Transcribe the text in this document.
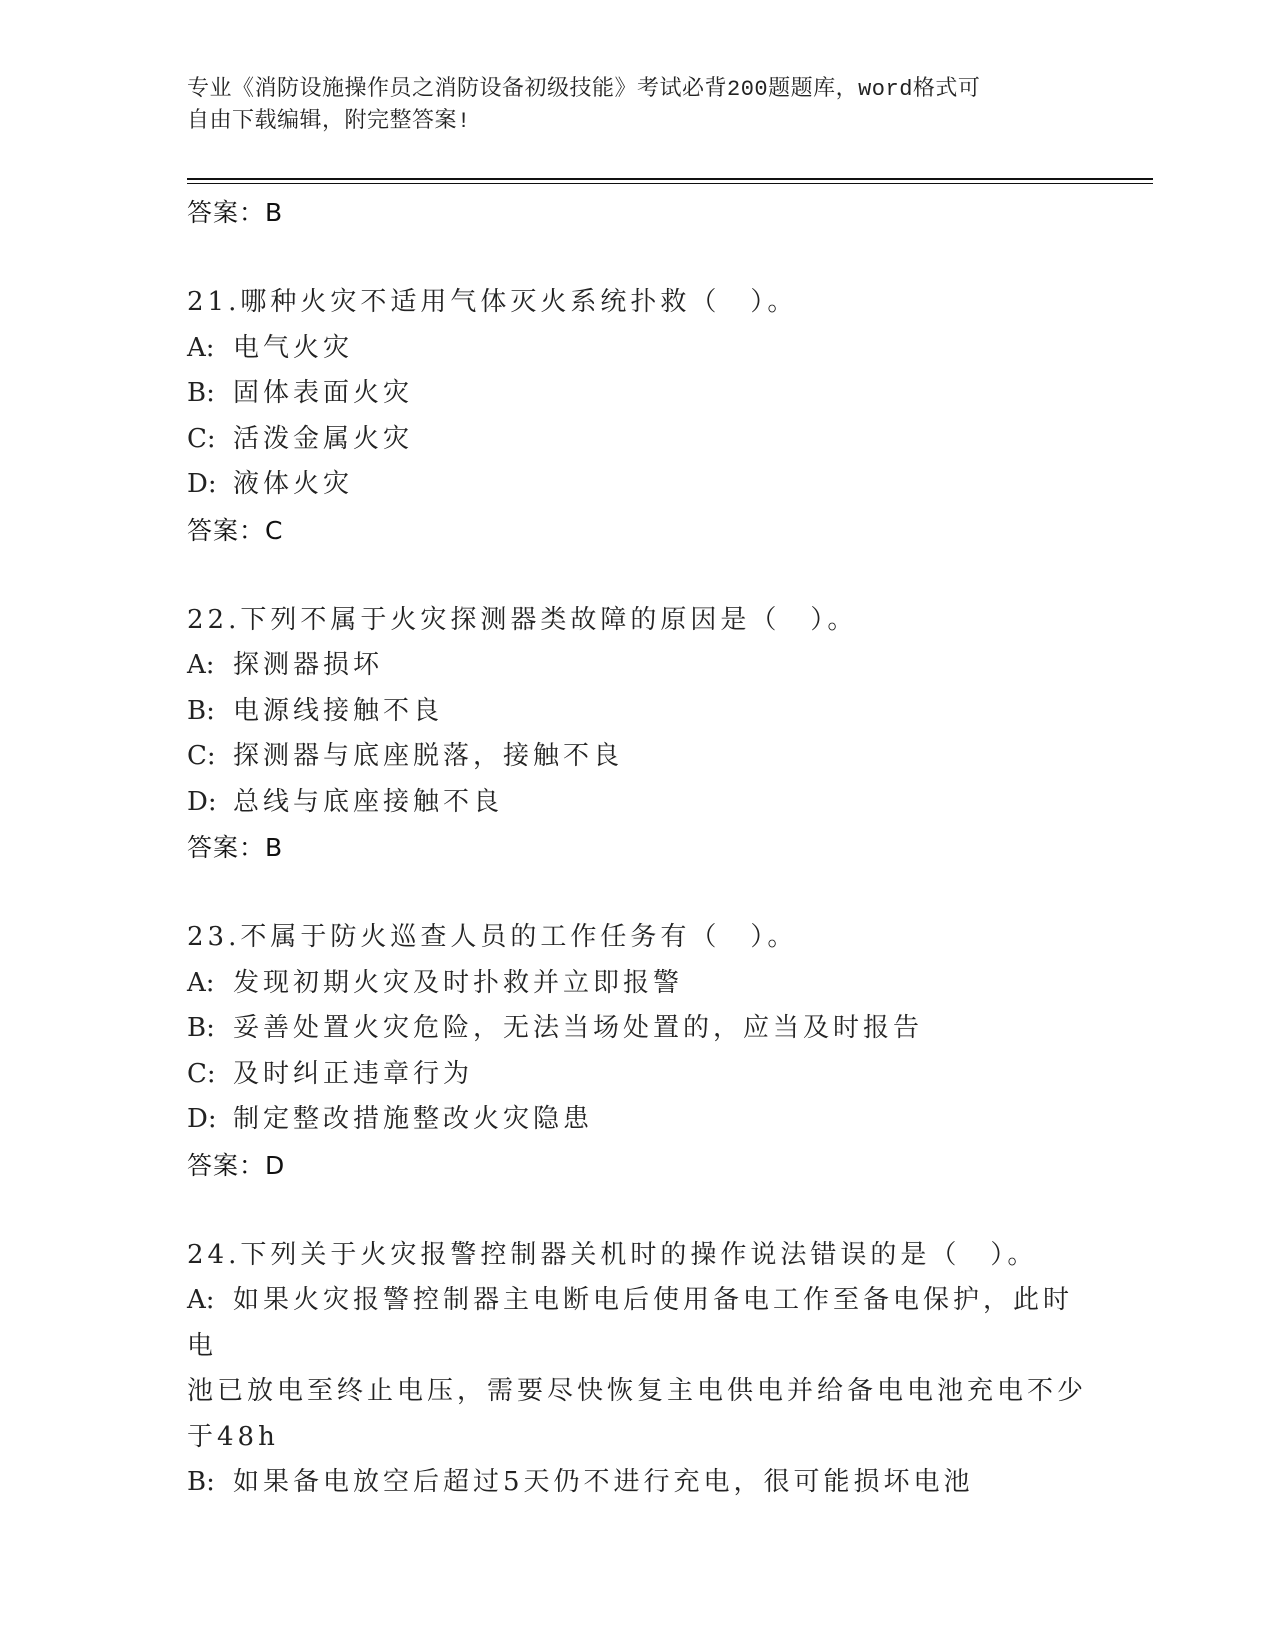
专业《消防设施操作员之消防设备初级技能》考试必背200题题库，word格式可
自由下载编辑，附完整答案!
答案：B
21.哪种火灾不适用气体灭火系统扑救（　）。
A: 电气火灾
B: 固体表面火灾
C: 活泼金属火灾
D: 液体火灾
答案：C
22.下列不属于火灾探测器类故障的原因是（　）。
A: 探测器损坏
B: 电源线接触不良
C: 探测器与底座脱落，接触不良
D: 总线与底座接触不良
答案：B
23.不属于防火巡查人员的工作任务有（　）。
A: 发现初期火灾及时扑救并立即报警
B: 妥善处置火灾危险，无法当场处置的，应当及时报告
C: 及时纠正违章行为
D: 制定整改措施整改火灾隐患
答案：D
24.下列关于火灾报警控制器关机时的操作说法错误的是（　）。
A: 如果火灾报警控制器主电断电后使用备电工作至备电保护，此时电
池已放电至终止电压，需要尽快恢复主电供电并给备电电池充电不少
于48h
B: 如果备电放空后超过5天仍不进行充电，很可能损坏电池
